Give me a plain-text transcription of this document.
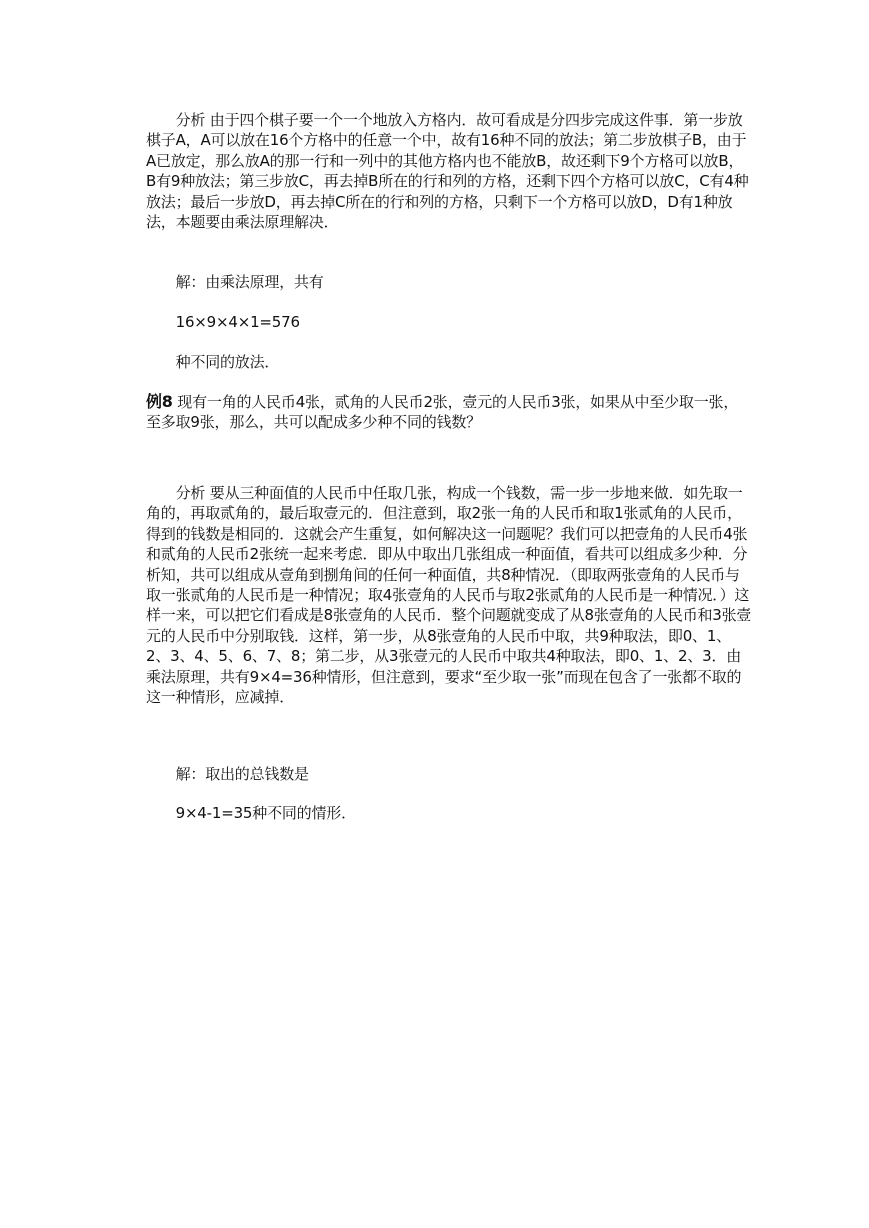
　　分析 由于四个棋子要一个一个地放入方格内．故可看成是分四步完成这件事．第一步放棋子A，A可以放在16个方格中的任意一个中，故有16种不同的放法；第二步放棋子B，由于A已放定，那么放A的那一行和一列中的其他方格内也不能放B，故还剩下9个方格可以放B，B有9种放法；第三步放C，再去掉B所在的行和列的方格，还剩下四个方格可以放C，C有4种放法；最后一步放D，再去掉C所在的行和列的方格，只剩下一个方格可以放D，D有1种放法，本题要由乘法原理解决．

　　解：由乘法原理，共有

　　16×9×4×1=576

　　种不同的放法．

例8 现有一角的人民币4张，贰角的人民币2张，壹元的人民币3张，如果从中至少取一张，至多取9张，那么，共可以配成多少种不同的钱数？

　　分析 要从三种面值的人民币中任取几张，构成一个钱数，需一步一步地来做．如先取一角的，再取贰角的，最后取壹元的．但注意到，取2张一角的人民币和取1张贰角的人民币，得到的钱数是相同的．这就会产生重复，如何解决这一问题呢？我们可以把壹角的人民币4张和贰角的人民币2张统一起来考虑．即从中取出几张组成一种面值，看共可以组成多少种．分析知，共可以组成从壹角到捌角间的任何一种面值，共8种情况．（即取两张壹角的人民币与取一张贰角的人民币是一种情况；取4张壹角的人民币与取2张贰角的人民币是一种情况．）这样一来，可以把它们看成是8张壹角的人民币．整个问题就变成了从8张壹角的人民币和3张壹元的人民币中分别取钱．这样，第一步，从8张壹角的人民币中取，共9种取法，即0、1、2、3、4、5、6、7、8；第二步，从3张壹元的人民币中取共4种取法，即0、1、2、3．由乘法原理，共有9×4=36种情形，但注意到，要求“至少取一张”而现在包含了一张都不取的这一种情形，应减掉．

　　解：取出的总钱数是

　　9×4-1=35种不同的情形．
